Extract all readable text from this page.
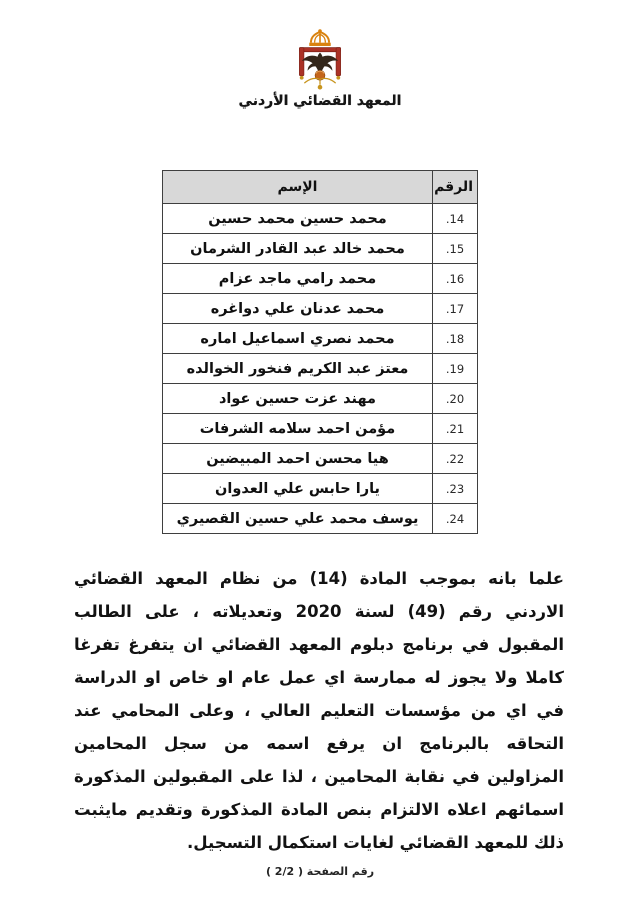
المعهد القضائي الأردني
الرقم	الإسم
14.	محمد حسين محمد حسين
15.	محمد خالد عبد القادر الشرمان
16.	محمد رامي ماجد عزام
17.	محمد عدنان علي دواغره
18.	محمد نصري اسماعيل اماره
19.	معتز عبد الكريم فنخور الخوالده
20.	مهند عزت حسين عواد
21.	مؤمن احمد سلامه الشرفات
22.	هيا محسن احمد المبيضين
23.	يارا حابس علي العدوان
24.	يوسف محمد علي حسين القصيري

علما بانه بموجب المادة (14) من نظام المعهد القضائي الاردني رقم (49) لسنة 2020 وتعديلاته ، على الطالب المقبول في برنامج دبلوم المعهد القضائي ان يتفرغ تفرغا كاملا ولا يجوز له ممارسة اي عمل عام او خاص او الدراسة في اي من مؤسسات التعليم العالي ، وعلى المحامي عند التحاقه بالبرنامج ان يرفع اسمه من سجل المحامين المزاولين في نقابة المحامين ، لذا على المقبولين المذكورة اسمائهم اعلاه الالتزام بنص المادة المذكورة وتقديم مايثبت ذلك للمعهد القضائي لغايات استكمال التسجيل.

رقم الصفحة ( 2/2 )
